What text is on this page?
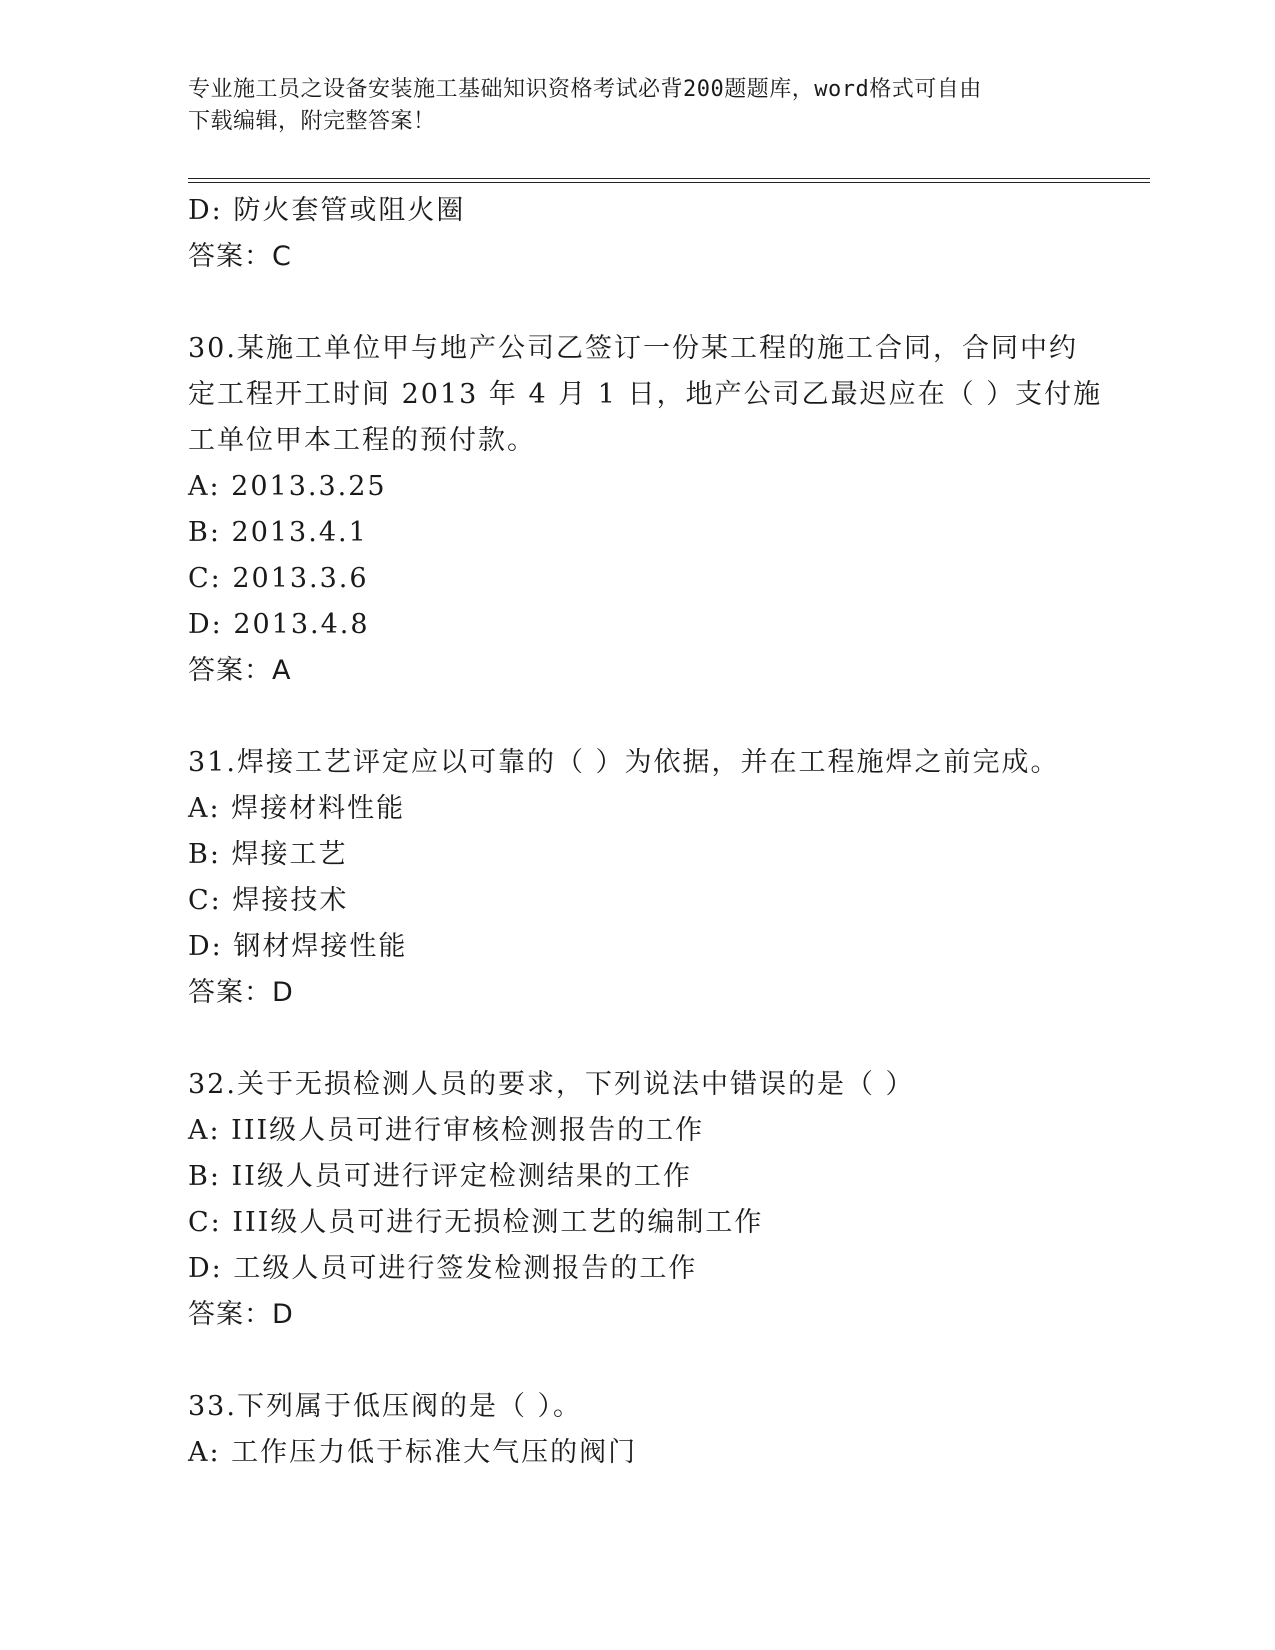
专业施工员之设备安装施工基础知识资格考试必背200题题库，word格式可自由
下载编辑，附完整答案！
D: 防火套管或阻火圈
答案：C
30.某施工单位甲与地产公司乙签订一份某工程的施工合同，合同中约
定工程开工时间 2013 年 4 月 1 日，地产公司乙最迟应在（ ）支付施
工单位甲本工程的预付款。
A: 2013.3.25
B: 2013.4.1
C: 2013.3.6
D: 2013.4.8
答案：A
31.焊接工艺评定应以可靠的（ ）为依据，并在工程施焊之前完成。
A: 焊接材料性能
B: 焊接工艺
C: 焊接技术
D: 钢材焊接性能
答案：D
32.关于无损检测人员的要求，下列说法中错误的是（ ）
A: III级人员可进行审核检测报告的工作
B: II级人员可进行评定检测结果的工作
C: III级人员可进行无损检测工艺的编制工作
D: 工级人员可进行签发检测报告的工作
答案：D
33.下列属于低压阀的是（ ）。
A: 工作压力低于标准大气压的阀门
